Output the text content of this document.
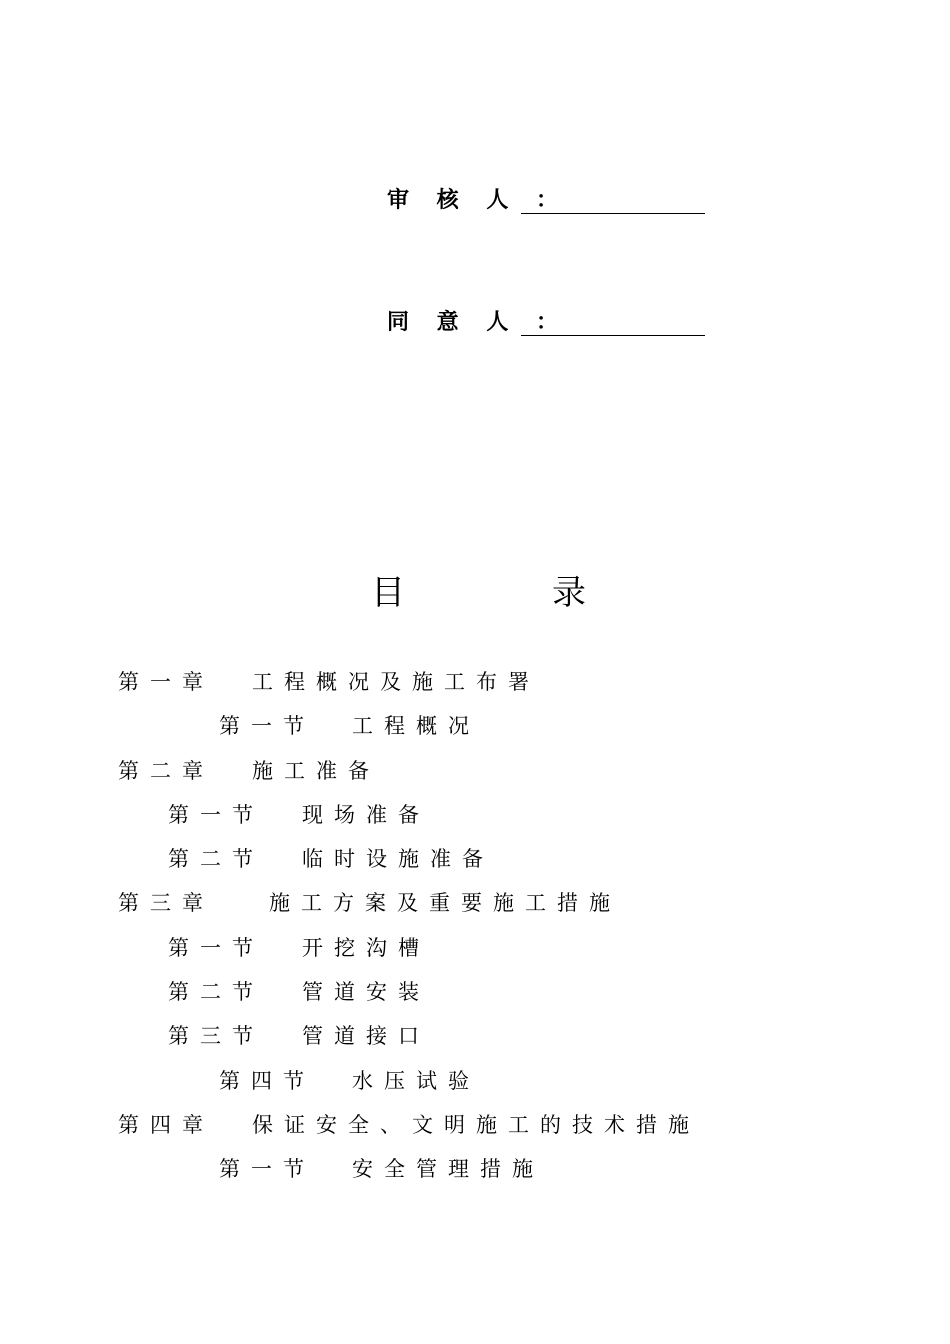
审 核 人 ：
同 意 人 ：
目	录
第一章 工程概况及施工布署
第一节 工程概况
第二章 施工准备
第一节 现场准备
第二节 临时设施准备
第三章	施工方案及重要施工措施
第一节 开挖沟槽
第二节 管道安装
第三节 管道接口
第四节 水压试验
第四章 保证安全、文明施工的技术措施
第一节 安全管理措施
